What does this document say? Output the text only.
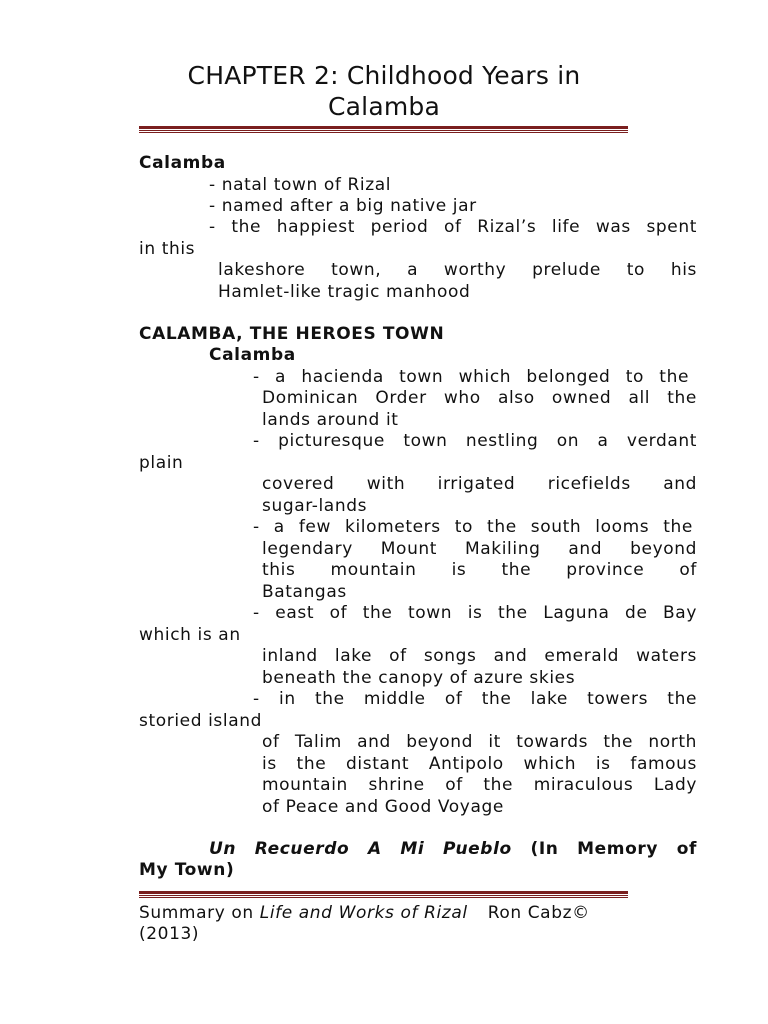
CHAPTER 2: Childhood Years in
Calamba
Calamba
- natal town of Rizal
- named after a big native jar
- the happiest period of Rizal’s life was spent
in this
lakeshore town, a worthy prelude to his
Hamlet-like tragic manhood
CALAMBA, THE HEROES TOWN
Calamba
- a hacienda town which belonged to the
Dominican Order who also owned all the
lands around it
- picturesque town nestling on a verdant
plain
covered with irrigated ricefields and
sugar-lands
- a few kilometers to the south looms the
legendary Mount Makiling and beyond
this mountain is the province of
Batangas
- east of the town is the Laguna de Bay
which is an
inland lake of songs and emerald waters
beneath the canopy of azure skies
- in the middle of the lake towers the
storied island
of Talim and beyond it towards the north
is the distant Antipolo which is famous
mountain shrine of the miraculous Lady
of Peace and Good Voyage
Un Recuerdo A Mi Pueblo (In Memory of
My Town)
Summary on Life and Works of Rizal Ron Cabz©
(2013)
